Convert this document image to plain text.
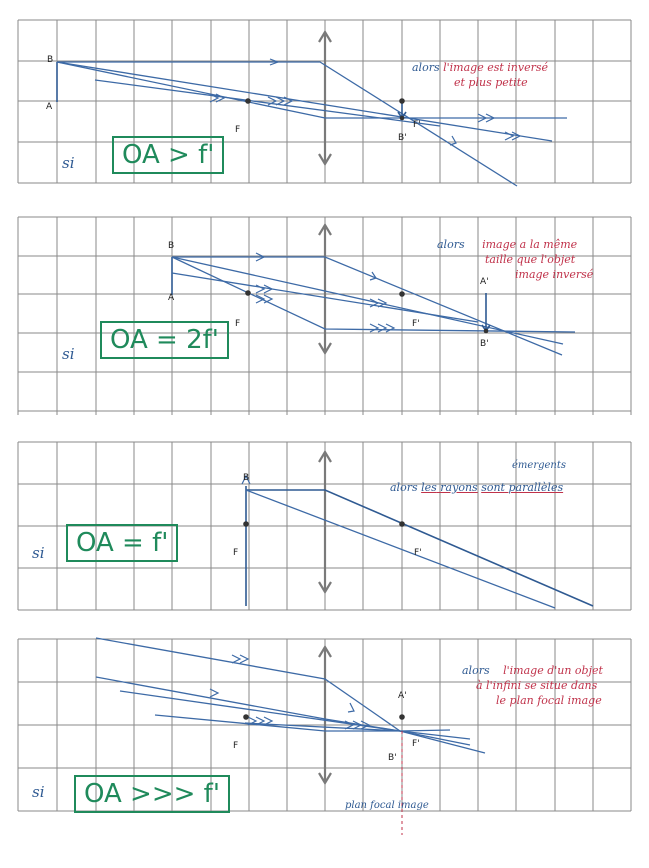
B
A
F
B'
F'
alors l'image est inversé
et plus petite
si	OA > f'
B
A
F	F'
A'
B'
alors image a la même
taille que l'objet
image inversé
si	OA = 2f'
B
F	F'
émergents
alors les rayons sont parallèles
si	OA = f'
F
A'
B'
F'
alors l'image d'un objet
à l'infini se situe dans
le plan focal image
plan focal image
si	OA >>> f'
